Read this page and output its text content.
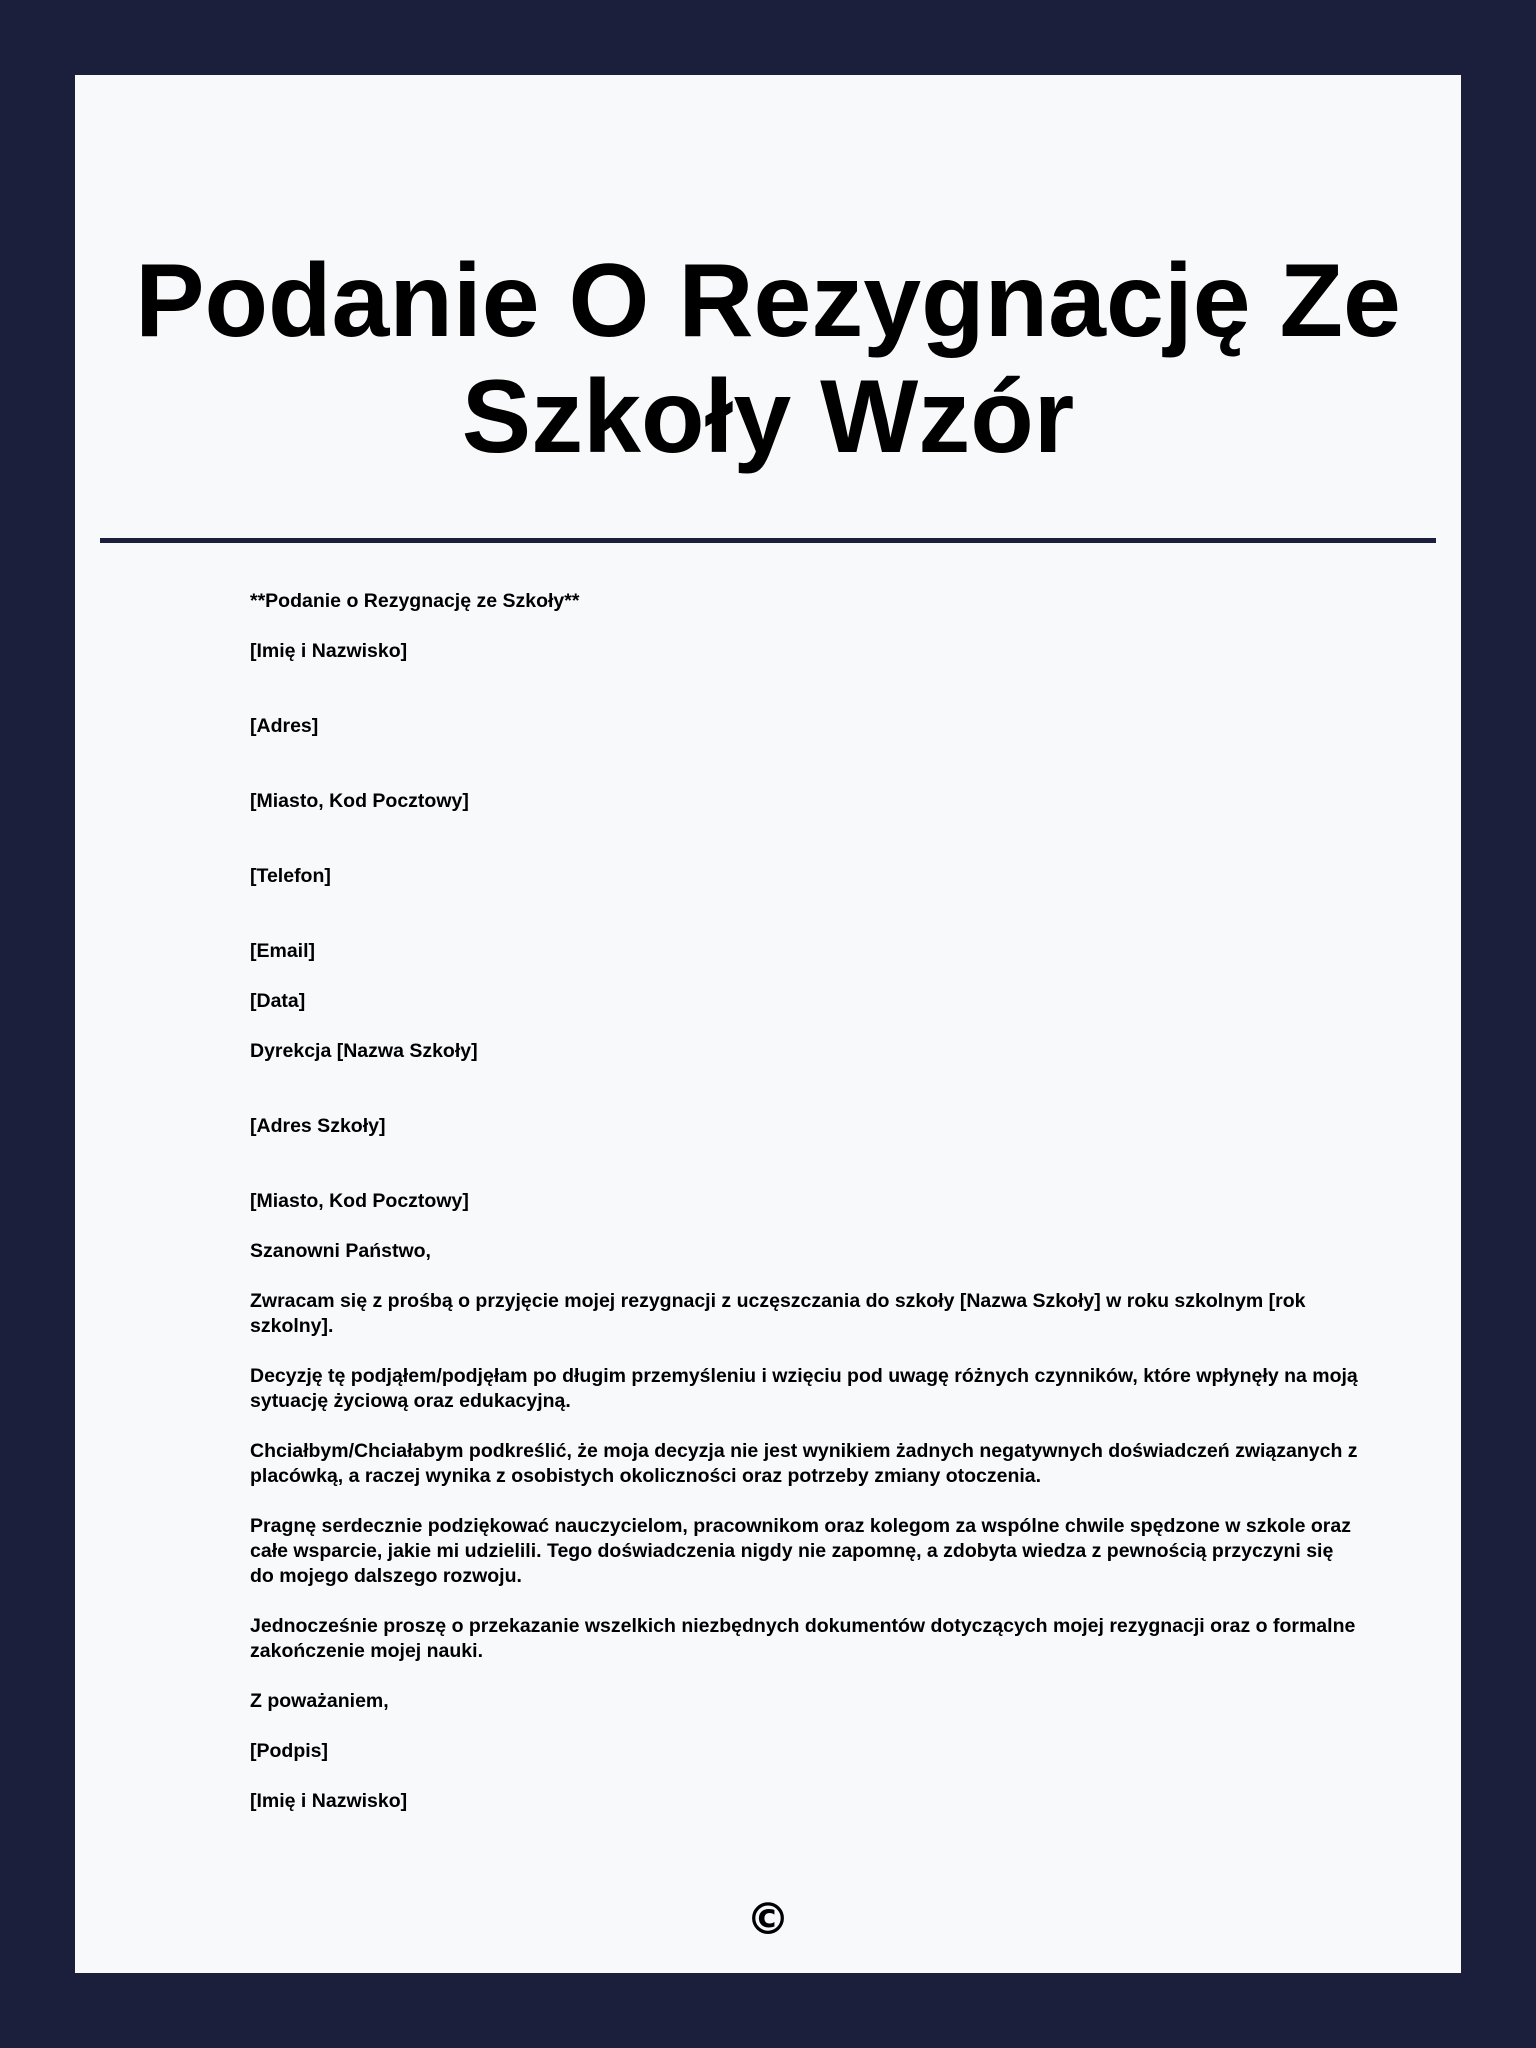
Podanie O Rezygnację Ze Szkoły Wzór

**Podanie o Rezygnację ze Szkoły**

[Imię i Nazwisko]

[Adres]

[Miasto, Kod Pocztowy]

[Telefon]

[Email]

[Data]

Dyrekcja [Nazwa Szkoły]

[Adres Szkoły]

[Miasto, Kod Pocztowy]

Szanowni Państwo,

Zwracam się z prośbą o przyjęcie mojej rezygnacji z uczęszczania do szkoły [Nazwa Szkoły] w roku szkolnym [rok szkolny].

Decyzję tę podjąłem/podjęłam po długim przemyśleniu i wzięciu pod uwagę różnych czynników, które wpłynęły na moją sytuację życiową oraz edukacyjną.

Chciałbym/Chciałabym podkreślić, że moja decyzja nie jest wynikiem żadnych negatywnych doświadczeń związanych z placówką, a raczej wynika z osobistych okoliczności oraz potrzeby zmiany otoczenia.

Pragnę serdecznie podziękować nauczycielom, pracownikom oraz kolegom za wspólne chwile spędzone w szkole oraz całe wsparcie, jakie mi udzielili. Tego doświadczenia nigdy nie zapomnę, a zdobyta wiedza z pewnością przyczyni się do mojego dalszego rozwoju.

Jednocześnie proszę o przekazanie wszelkich niezbędnych dokumentów dotyczących mojej rezygnacji oraz o formalne zakończenie mojej nauki.

Z poważaniem,

[Podpis]

[Imię i Nazwisko]

©
